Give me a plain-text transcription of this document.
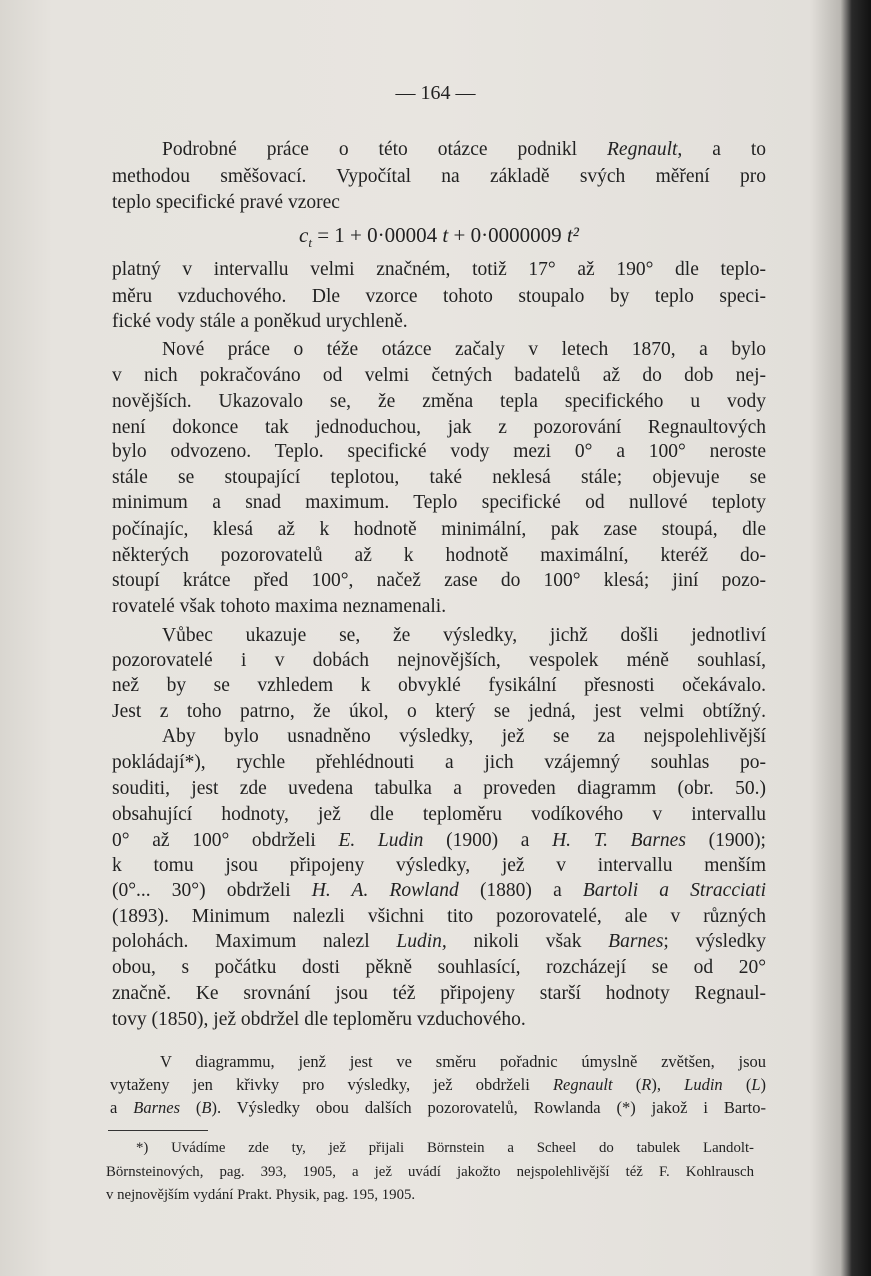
— 164 —
Podrobné práce o této otázce podnikl Regnault, a to
methodou směšovací. Vypočítal na základě svých měření pro
teplo specifické pravé vzorec
$c_t = 1 + 0\cdot 00004$ t + 0·0000009 t²
platný v intervallu velmi značném, totiž 17° až 190° dle teplo-
měru vzduchového. Dle vzorce tohoto stoupalo by teplo speci-
fické vody stále a poněkud urychleně.
Nové práce o téže otázce začaly v letech 1870, a bylo
v nich pokračováno od velmi četných badatelů až do dob nej-
novějších. Ukazovalo se, že změna tepla specifického u vody
není dokonce tak jednoduchou, jak z pozorování Regnaultových
bylo odvozeno. Teplo. specifické vody mezi 0° a 100° neroste
stále se stoupající teplotou, také neklesá stále; objevuje se
minimum a snad maximum. Teplo specifické od nullové teploty
počínajíc, klesá až k hodnotě minimální, pak zase stoupá, dle
některých pozorovatelů až k hodnotě maximální, kteréž do-
stoupí krátce před 100°, načež zase do 100° klesá; jiní pozo-
rovatelé však tohoto maxima neznamenali.
Vůbec ukazuje se, že výsledky, jichž došli jednotliví
pozorovatelé i v dobách nejnovějších, vespolek méně souhlasí,
než by se vzhledem k obvyklé fysikální přesnosti očekávalo.
Jest z toho patrno, že úkol, o který se jedná, jest velmi obtížný.
Aby bylo usnadněno výsledky, jež se za nejspolehlivější
pokládají*), rychle přehlédnouti a jich vzájemný souhlas po-
souditi, jest zde uvedena tabulka a proveden diagramm (obr. 50.)
obsahující hodnoty, jež dle teploměru vodíkového v intervallu
0° až 100° obdrželi E. Ludin (1900) a H. T. Barnes (1900);
k tomu jsou připojeny výsledky, jež v intervallu menším
(0°... 30°) obdrželi H. A. Rowland (1880) a Bartoli a Stracciati
(1893). Minimum nalezli všichni tito pozorovatelé, ale v různých
polohách. Maximum nalezl Ludin, nikoli však Barnes; výsledky
obou, s počátku dosti pěkně souhlasící, rozcházejí se od 20°
značně. Ke srovnání jsou též připojeny starší hodnoty Regnaul-
tovy (1850), jež obdržel dle teploměru vzduchového.
V diagrammu, jenž jest ve směru pořadnic úmyslně zvětšen, jsou
vytaženy jen křivky pro výsledky, jež obdrželi Regnault (R), Ludin (L)
a Barnes (B). Výsledky obou dalších pozorovatelů, Rowlanda (*) jakož i Barto-
*) Uvádíme zde ty, jež přijali Börnstein a Scheel do tabulek Landolt-
Börnsteinových, pag. 393, 1905, a jež uvádí jakožto nejspolehlivější též F. Kohlrausch
v nejnovějším vydání Prakt. Physik, pag. 195, 1905.
